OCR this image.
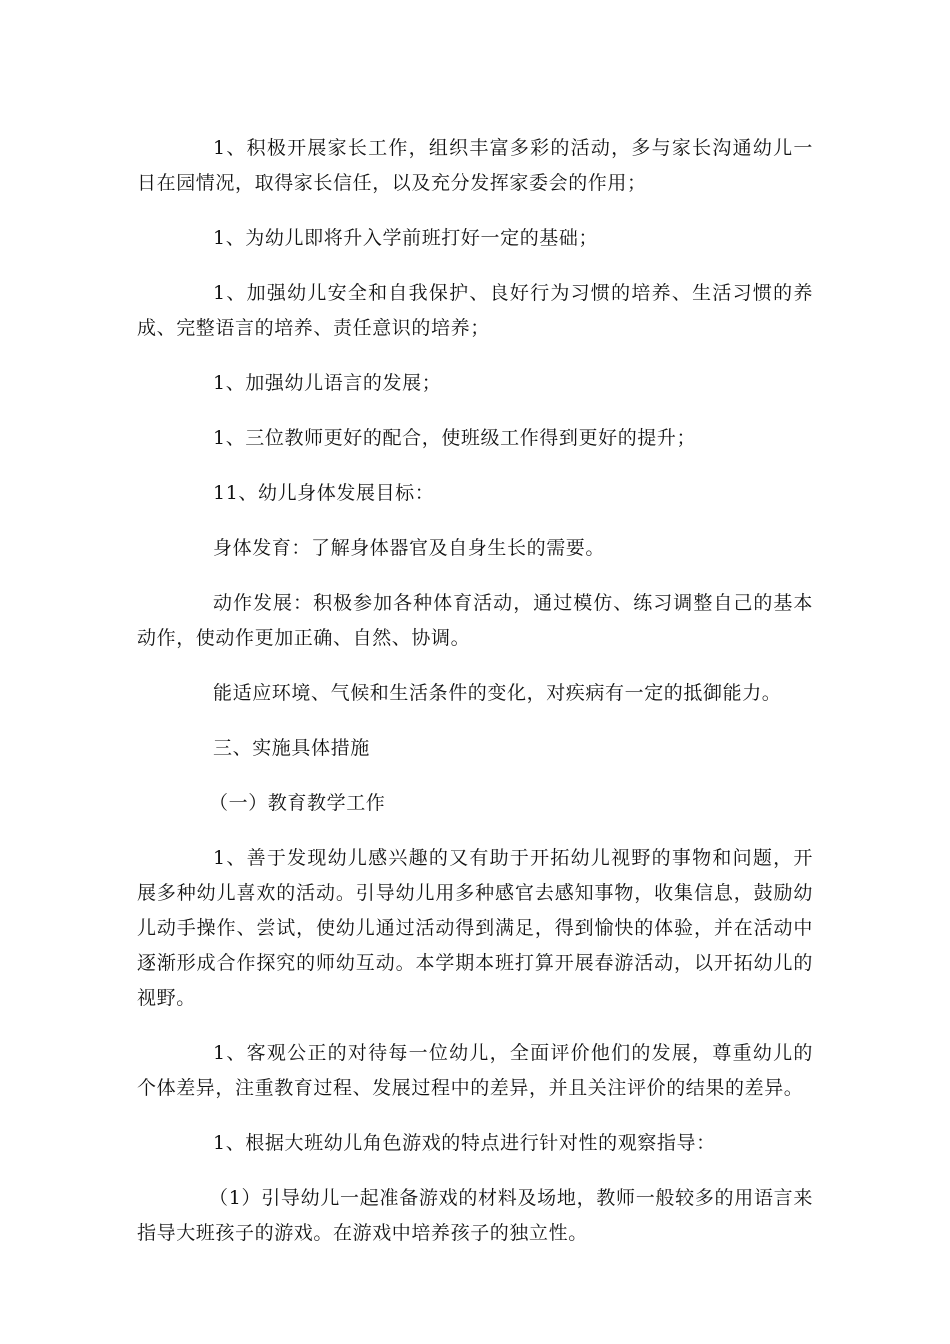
1、积极开展家长工作，组织丰富多彩的活动，多与家长沟通幼儿一日在园情况，取得家长信任，以及充分发挥家委会的作用；

1、为幼儿即将升入学前班打好一定的基础；

1、加强幼儿安全和自我保护、良好行为习惯的培养、生活习惯的养成、完整语言的培养、责任意识的培养；

1、加强幼儿语言的发展；

1、三位教师更好的配合，使班级工作得到更好的提升；

11、幼儿身体发展目标：

身体发育：了解身体器官及自身生长的需要。

动作发展：积极参加各种体育活动，通过模仿、练习调整自己的基本动作，使动作更加正确、自然、协调。

能适应环境、气候和生活条件的变化，对疾病有一定的抵御能力。

三、实施具体措施

（一）教育教学工作

1、善于发现幼儿感兴趣的又有助于开拓幼儿视野的事物和问题，开展多种幼儿喜欢的活动。引导幼儿用多种感官去感知事物，收集信息，鼓励幼儿动手操作、尝试，使幼儿通过活动得到满足，得到愉快的体验，并在活动中逐渐形成合作探究的师幼互动。本学期本班打算开展春游活动，以开拓幼儿的视野。

1、客观公正的对待每一位幼儿，全面评价他们的发展，尊重幼儿的个体差异，注重教育过程、发展过程中的差异，并且关注评价的结果的差异。

1、根据大班幼儿角色游戏的特点进行针对性的观察指导：

（1）引导幼儿一起准备游戏的材料及场地，教师一般较多的用语言来指导大班孩子的游戏。在游戏中培养孩子的独立性。
